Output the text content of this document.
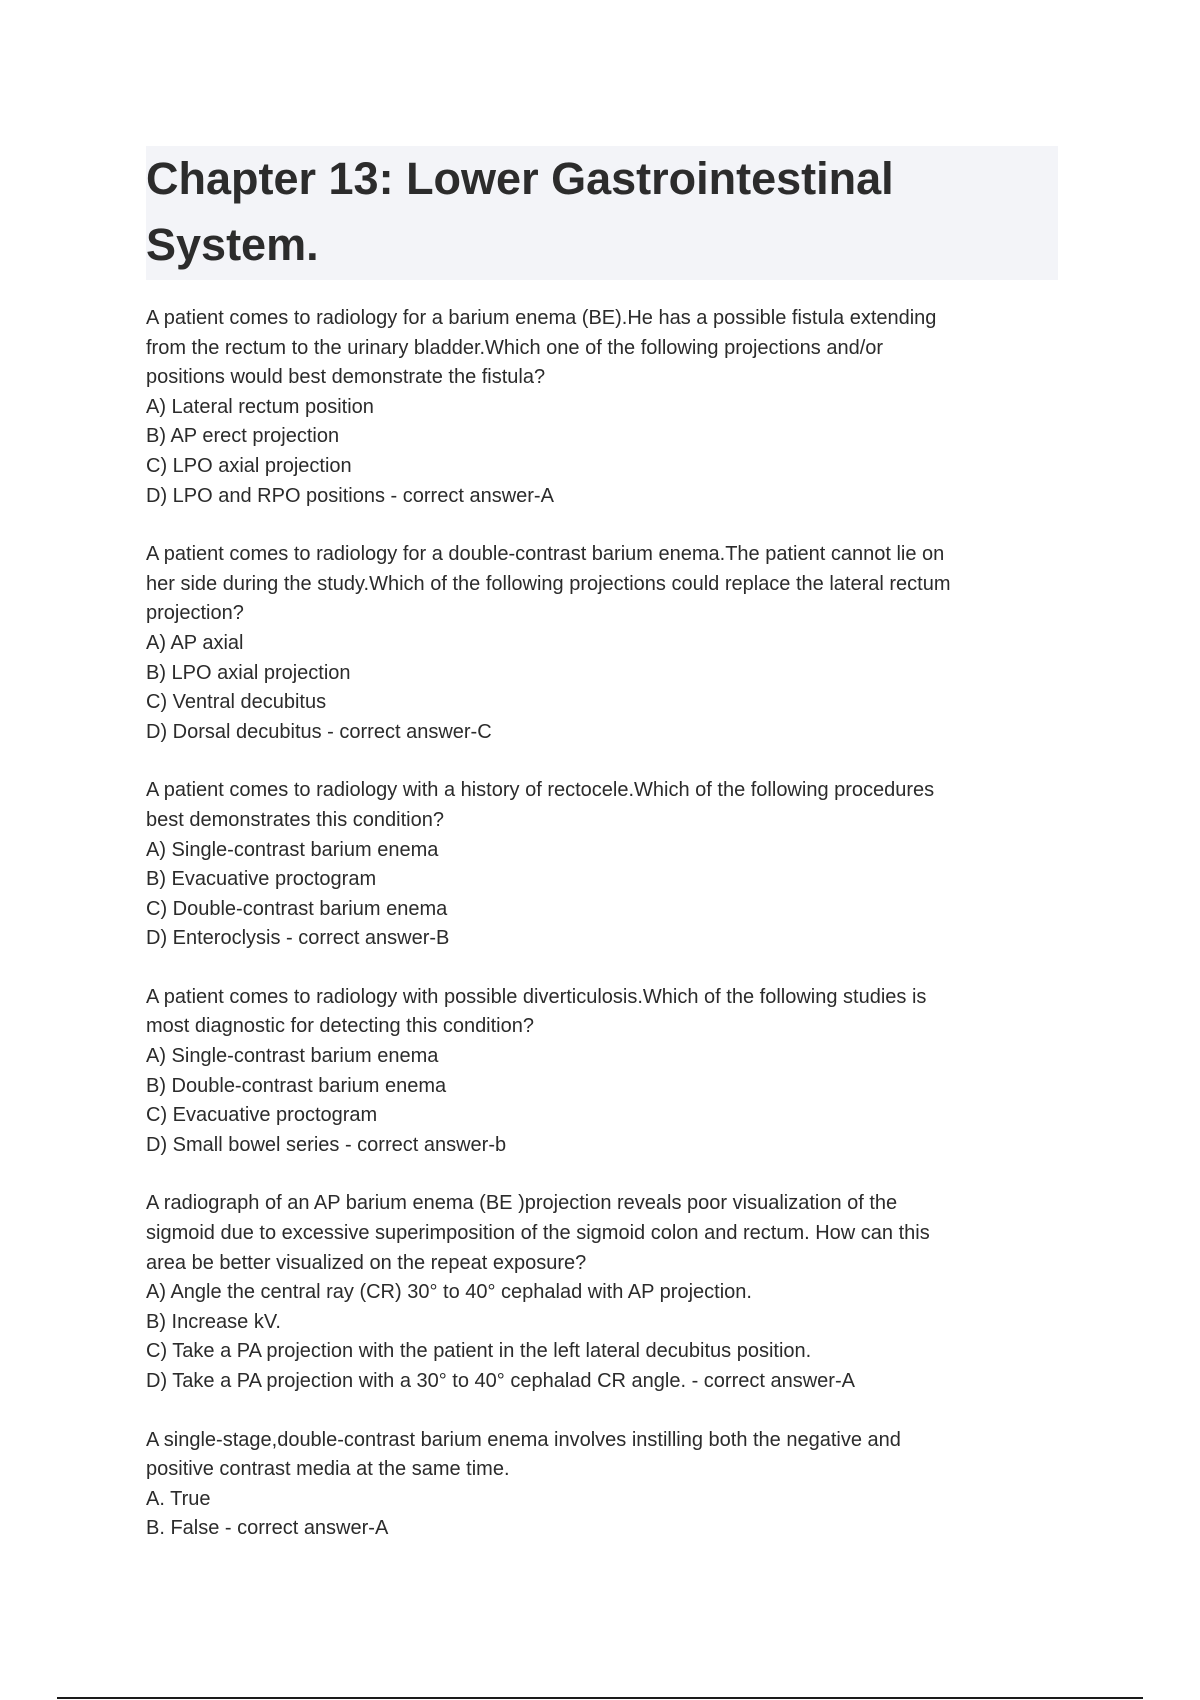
Chapter 13: Lower Gastrointestinal
System.
A patient comes to radiology for a barium enema (BE).He has a possible fistula extending
from the rectum to the urinary bladder.Which one of the following projections and/or
positions would best demonstrate the fistula?
A) Lateral rectum position
B) AP erect projection
C) LPO axial projection
D) LPO and RPO positions - correct answer-A
A patient comes to radiology for a double-contrast barium enema.The patient cannot lie on
her side during the study.Which of the following projections could replace the lateral rectum
projection?
A) AP axial
B) LPO axial projection
C) Ventral decubitus
D) Dorsal decubitus - correct answer-C
A patient comes to radiology with a history of rectocele.Which of the following procedures
best demonstrates this condition?
A) Single-contrast barium enema
B) Evacuative proctogram
C) Double-contrast barium enema
D) Enteroclysis - correct answer-B
A patient comes to radiology with possible diverticulosis.Which of the following studies is
most diagnostic for detecting this condition?
A) Single-contrast barium enema
B) Double-contrast barium enema
C) Evacuative proctogram
D) Small bowel series - correct answer-b
A radiograph of an AP barium enema (BE )projection reveals poor visualization of the
sigmoid due to excessive superimposition of the sigmoid colon and rectum. How can this
area be better visualized on the repeat exposure?
A) Angle the central ray (CR) 30° to 40° cephalad with AP projection.
B) Increase kV.
C) Take a PA projection with the patient in the left lateral decubitus position.
D) Take a PA projection with a 30° to 40° cephalad CR angle. - correct answer-A
A single-stage,double-contrast barium enema involves instilling both the negative and
positive contrast media at the same time.
A. True
B. False - correct answer-A
